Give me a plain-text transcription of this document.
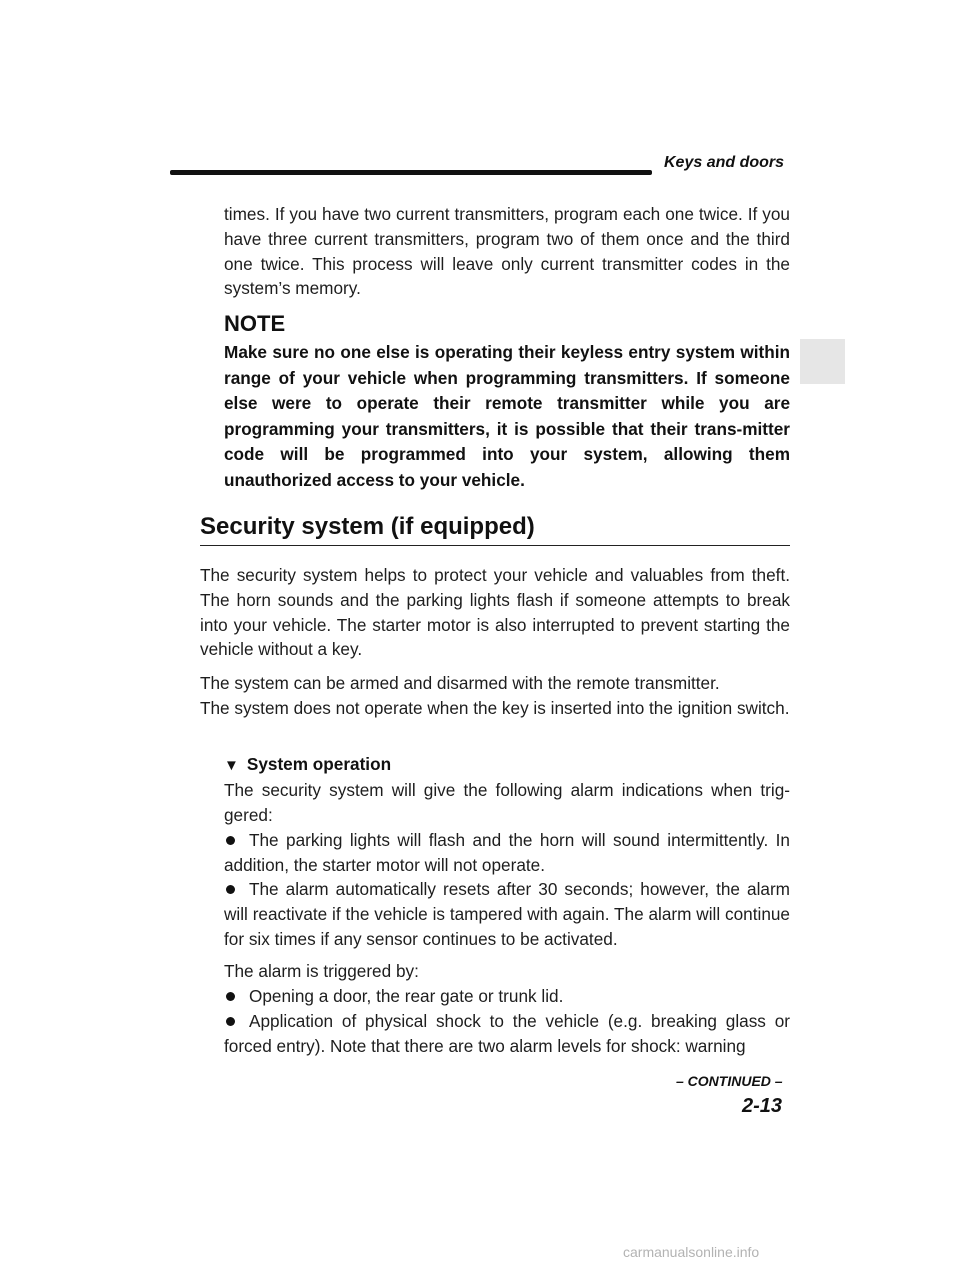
Keys and doors

times. If you have two current transmitters, program each one twice. If you have three current transmitters, program two of them once and the third one twice. This process will leave only current transmitter codes in the system’s memory.

NOTE

Make sure no one else is operating their keyless entry system within range of your vehicle when programming transmitters. If someone else were to operate their remote transmitter while you are programming your transmitters, it is possible that their trans-mitter code will be programmed into your system, allowing them unauthorized access to your vehicle.

Security system (if equipped)

The security system helps to protect your vehicle and valuables from theft. The horn sounds and the parking lights flash if someone attempts to break into your vehicle. The starter motor is also interrupted to prevent starting the vehicle without a key.

The system can be armed and disarmed with the remote transmitter.

The system does not operate when the key is inserted into the ignition switch.

▼ System operation

The security system will give the following alarm indications when trig-gered:

The parking lights will flash and the horn will sound intermittently. In addition, the starter motor will not operate.

The alarm automatically resets after 30 seconds; however, the alarm will reactivate if the vehicle is tampered with again. The alarm will continue for six times if any sensor continues to be activated.

The alarm is triggered by:

Opening a door, the rear gate or trunk lid.

Application of physical shock to the vehicle (e.g. breaking glass or forced entry). Note that there are two alarm levels for shock: warning

– CONTINUED –
2-13
carmanualsonline.info
